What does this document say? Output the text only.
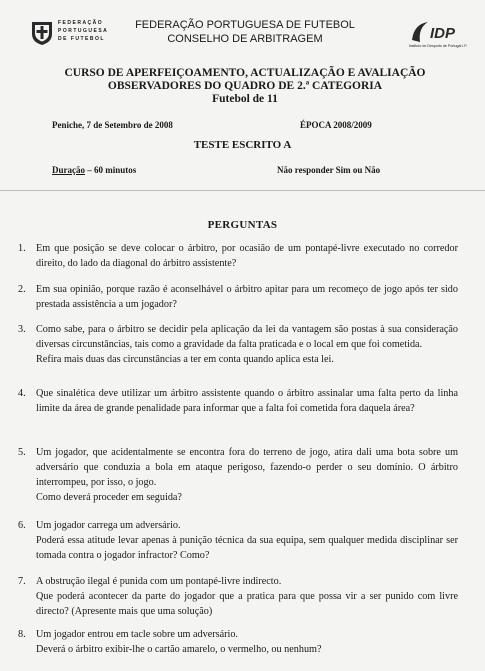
FEDERAÇÃO
PORTUGUESA
DE FUTEBOL
FEDERAÇÃO PORTUGUESA DE FUTEBOL
CONSELHO DE ARBITRAGEM	IDP
Instituto do Desporto de Portugal I.P.
CURSO DE APERFEIÇOAMENTO, ACTUALIZAÇÃO E AVALIAÇÃO
OBSERVADORES DO QUADRO DE 2.ª CATEGORIA
Futebol de 11
Peniche, 7 de Setembro de 2008	ÉPOCA 2008/2009
TESTE ESCRITO A
Duração – 60 minutos	Não responder Sim ou Não
PERGUNTAS
1. Em que posição se deve colocar o árbitro, por ocasião de um pontapé-livre executado no corredor direito, do lado da diagonal do árbitro assistente?
2. Em sua opinião, porque razão é aconselhável o árbitro apitar para um recomeço de jogo após ter sido prestada assistência a um jogador?
3. Como sabe, para o árbitro se decidir pela aplicação da lei da vantagem são postas à sua consideração diversas circunstâncias, tais como a gravidade da falta praticada e o local em que foi cometida.
Refira mais duas das circunstâncias a ter em conta quando aplica esta lei.
4. Que sinalética deve utilizar um árbitro assistente quando o árbitro assinalar uma falta perto da linha limite da área de grande penalidade para informar que a falta foi cometida fora daquela área?
5. Um jogador, que acidentalmente se encontra fora do terreno de jogo, atira dali uma bota sobre um adversário que conduzia a bola em ataque perigoso, fazendo-o perder o seu domínio. O árbitro interrompeu, por isso, o jogo.
Como deverá proceder em seguida?
6. Um jogador carrega um adversário.
Poderá essa atitude levar apenas à punição técnica da sua equipa, sem qualquer medida disciplinar ser tomada contra o jogador infractor? Como?
7. A obstrução ilegal é punida com um pontapé-livre indirecto.
Que poderá acontecer da parte do jogador que a pratica para que possa vir a ser punido com livre directo? (Apresente mais que uma solução)
8. Um jogador entrou em tacle sobre um adversário.
Deverá o árbitro exibir-lhe o cartão amarelo, o vermelho, ou nenhum?
